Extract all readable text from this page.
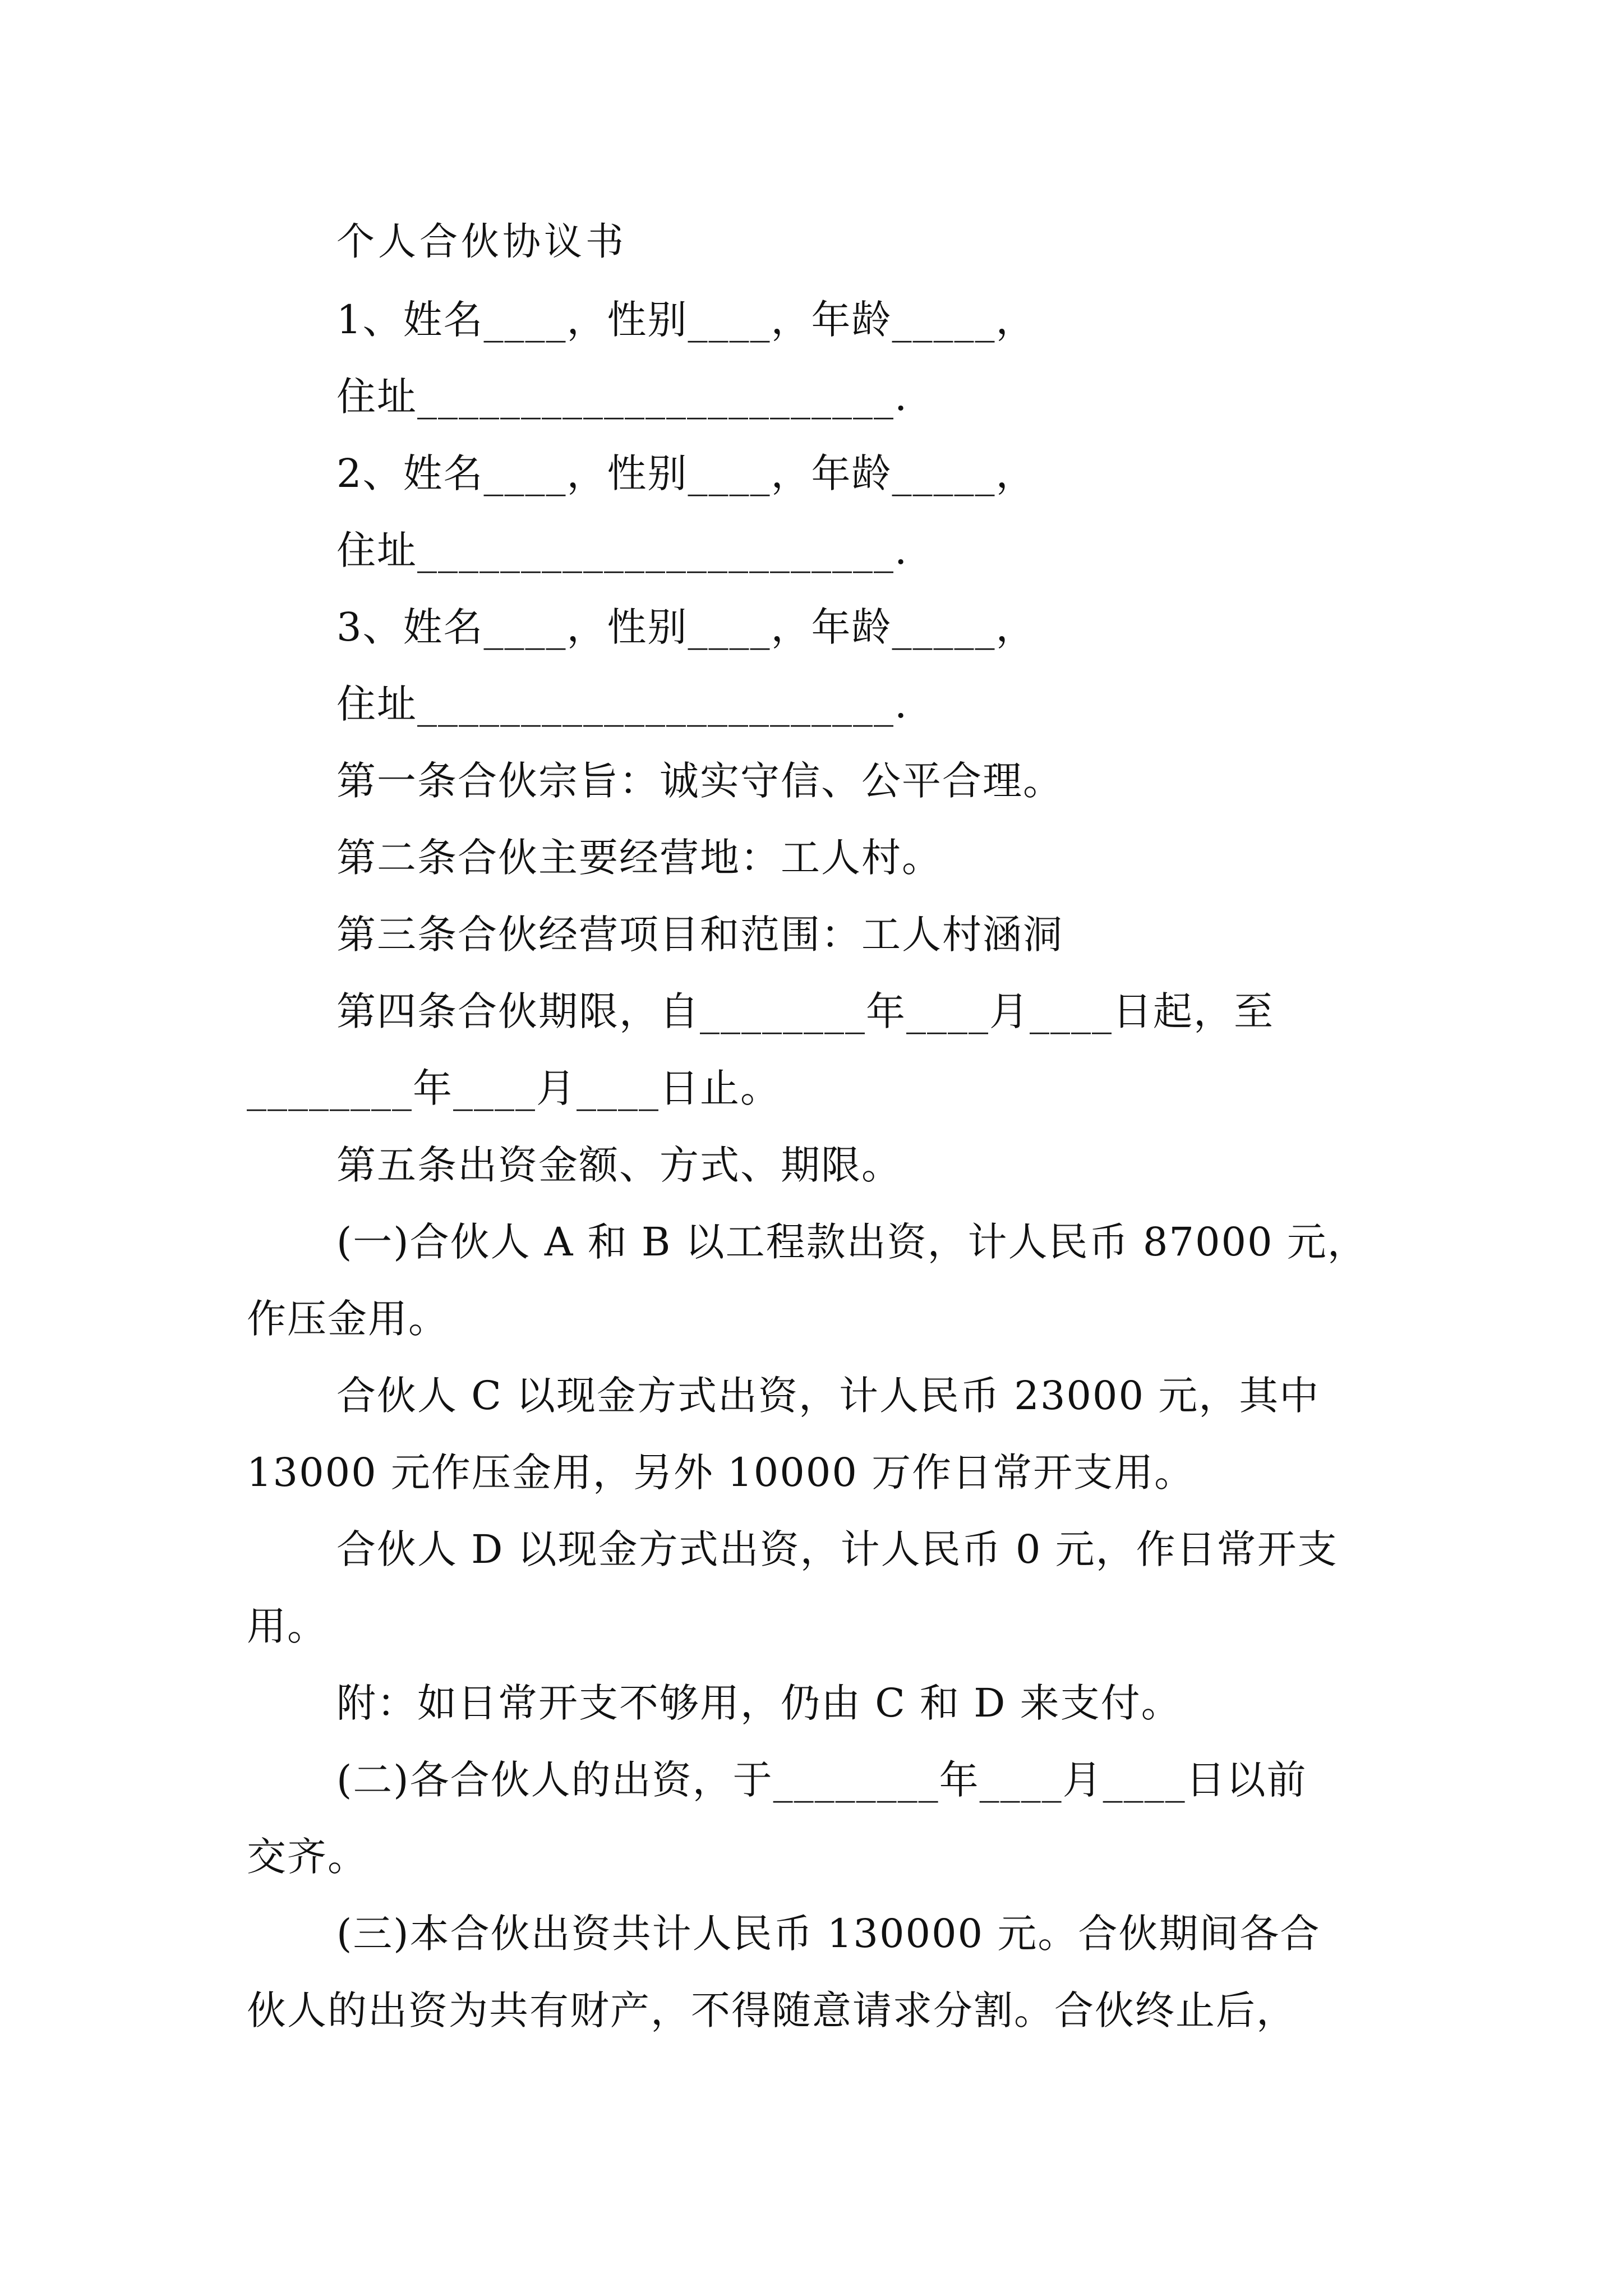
个人合伙协议书
1、姓名____，性别____，年龄_____，
住址_______________________.
2、姓名____，性别____，年龄_____，
住址_______________________.
3、姓名____，性别____，年龄_____，
住址_______________________.
第一条合伙宗旨：诚实守信、公平合理。
第二条合伙主要经营地：工人村。
第三条合伙经营项目和范围：工人村涵洞
第四条合伙期限，自________年____月____日起，至
________年____月____日止。
第五条出资金额、方式、期限。
(一)合伙人 A 和 B 以工程款出资，计人民币 87000 元，
作压金用。
合伙人 C 以现金方式出资，计人民币 23000 元，其中
13000 元作压金用，另外 10000 万作日常开支用。
合伙人 D 以现金方式出资，计人民币 0 元，作日常开支
用。
附：如日常开支不够用，仍由 C 和 D 来支付。
(二)各合伙人的出资，于________年____月____日以前
交齐。
(三)本合伙出资共计人民币 130000 元。合伙期间各合
伙人的出资为共有财产，不得随意请求分割。合伙终止后，
